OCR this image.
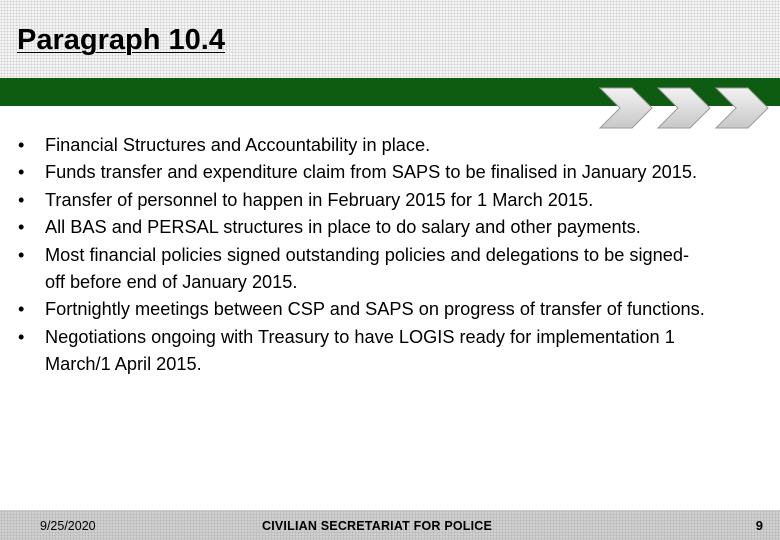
Paragraph 10.4
• Financial Structures and Accountability in place.
• Funds transfer and expenditure claim from SAPS to be finalised in January 2015.
• Transfer of personnel to happen in February 2015 for 1 March 2015.
• All BAS and PERSAL structures in place to do salary and other payments.
• Most financial policies signed outstanding policies and delegations to be signed-off before end of January 2015.
• Fortnightly meetings between CSP and SAPS on progress of transfer of functions.
• Negotiations ongoing with Treasury to have LOGIS ready for implementation 1 March/1 April 2015.
9/25/2020	CIVILIAN SECRETARIAT FOR POLICE	9
